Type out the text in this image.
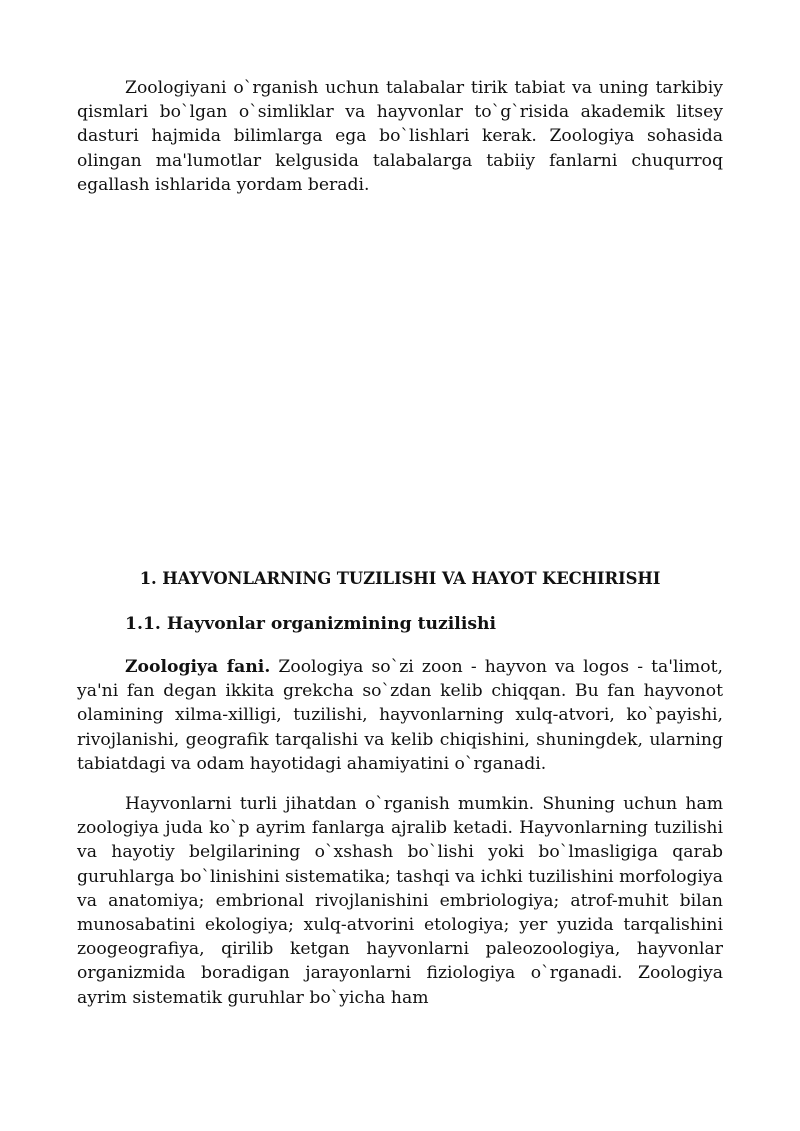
Zoologiyani o`rganish uchun talabalar tirik tabiat va uning tarkibiy qismlari bo`lgan o`simliklar va hayvonlar to`g`risida akademik litsey dasturi hajmida bilimlarga ega bo`lishlari kerak. Zoologiya sohasida olingan ma'lumotlar kelgusida talabalarga tabiiy fanlarni chuqurroq egallash ishlarida yordam beradi.

1. HAYVONLARNING TUZILISHI VA HAYOT KECHIRISHI
1.1. Hayvonlar organizmining tuzilishi

Zoologiya fani. Zoologiya so`zi zoon - hayvon va logos - ta'limot, ya'ni fan degan ikkita grekcha so`zdan kelib chiqqan. Bu fan hayvonot olamining xilma-xilligi, tuzilishi, hayvonlarning xulq-atvori, ko`payishi, rivojlanishi, geografik tarqalishi va kelib chiqishini, shuningdek, ularning tabiatdagi va odam hayotidagi ahamiyatini o`rganadi.

Hayvonlarni turli jihatdan o`rganish mumkin. Shuning uchun ham zoologiya juda ko`p ayrim fanlarga ajralib ketadi. Hayvonlarning tuzilishi va hayotiy belgilarining o`xshash bo`lishi yoki bo`lmasligiga qarab guruhlarga bo`linishini sistematika; tashqi va ichki tuzilishini morfologiya va anatomiya; embrional rivojlanishini embriologiya; atrof-muhit bilan munosabatini ekologiya; xulq-atvorini etologiya; yer yuzida tarqalishini zoogeografiya, qirilib ketgan hayvonlarni paleozoologiya, hayvonlar organizmida boradigan jarayonlarni fiziologiya o`rganadi. Zoologiya ayrim sistematik guruhlar bo`yicha ham
